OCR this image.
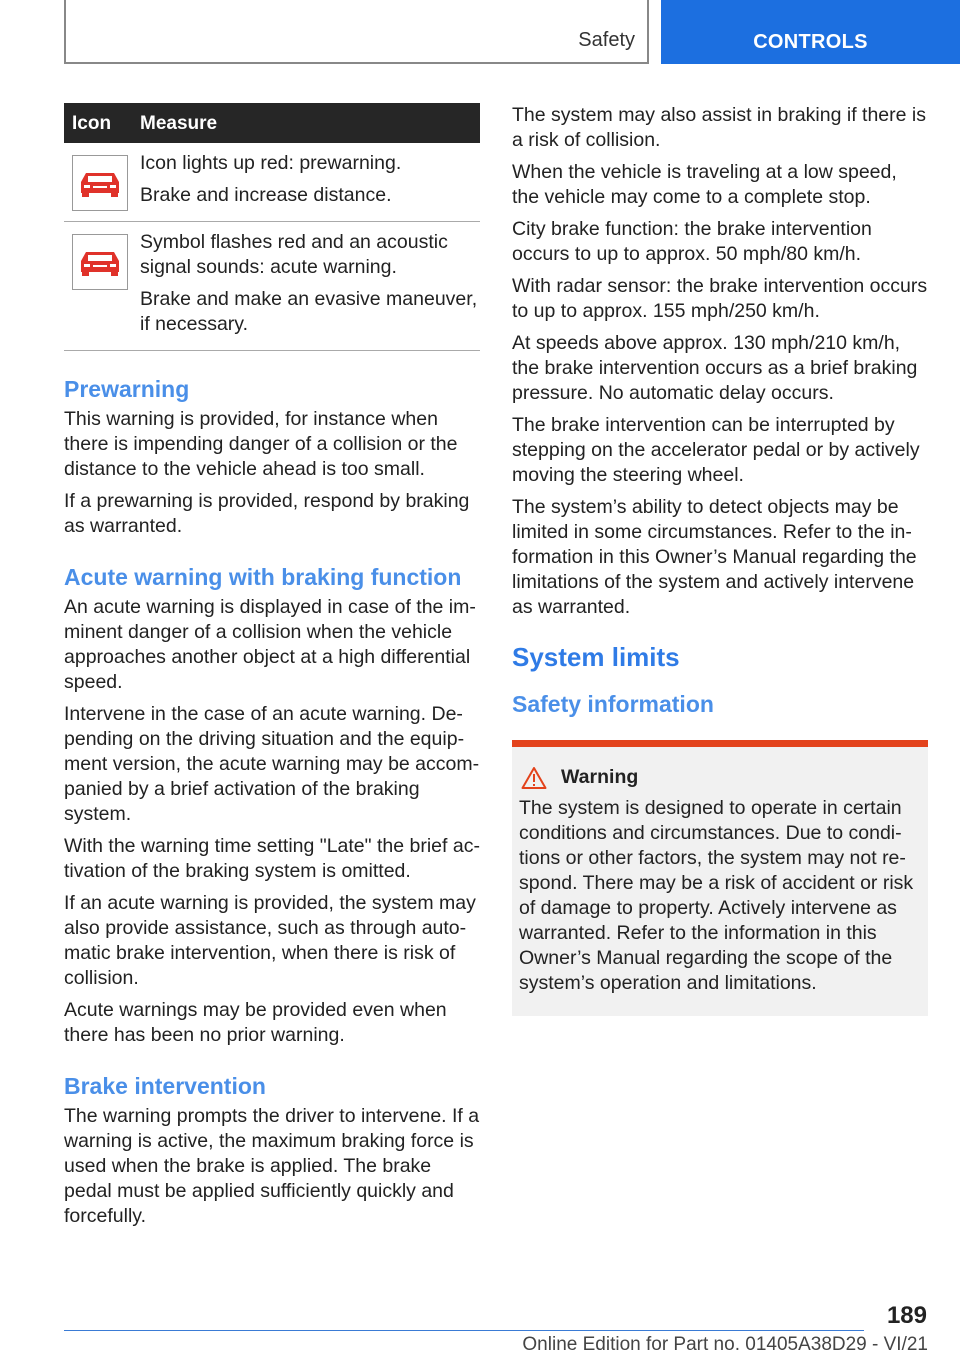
Safety	CONTROLS
Icon	Measure

Icon lights up red: prewarning.

Brake and increase distance.

Symbol flashes red and an acoustic signal sounds: acute warning.

Brake and make an evasive maneuver, if necessary.

Prewarning

This warning is provided, for instance when there is impending danger of a collision or the distance to the vehicle ahead is too small.

If a prewarning is provided, respond by braking as warranted.

Acute warning with braking function

An acute warning is displayed in case of the imminent danger of a collision when the vehicle approaches another object at a high differential speed.

Intervene in the case of an acute warning. Depending on the driving situation and the equipment version, the acute warning may be accompanied by a brief activation of the braking system.

With the warning time setting "Late" the brief activation of the braking system is omitted.

If an acute warning is provided, the system may also provide assistance, such as through automatic brake intervention, when there is risk of collision.

Acute warnings may be provided even when there has been no prior warning.

Brake intervention

The warning prompts the driver to intervene. If a warning is active, the maximum braking force is used when the brake is applied. The brake pedal must be applied sufficiently quickly and forcefully.

The system may also assist in braking if there is a risk of collision.

When the vehicle is traveling at a low speed, the vehicle may come to a complete stop.

City brake function: the brake intervention occurs to up to approx. 50 mph/80 km/h.

With radar sensor: the brake intervention occurs to up to approx. 155 mph/250 km/h.

At speeds above approx. 130 mph/210 km/h, the brake intervention occurs as a brief braking pressure. No automatic delay occurs.

The brake intervention can be interrupted by stepping on the accelerator pedal or by actively moving the steering wheel.

The system’s ability to detect objects may be limited in some circumstances. Refer to the information in this Owner’s Manual regarding the limitations of the system and actively intervene as warranted.

System limits
Safety information
Warning

The system is designed to operate in certain conditions and circumstances. Due to conditions or other factors, the system may not respond. There may be a risk of accident or risk of damage to property. Actively intervene as warranted. Refer to the information in this Owner’s Manual regarding the scope of the system’s operation and limitations.

189
Online Edition for Part no. 01405A38D29 - VI/21
